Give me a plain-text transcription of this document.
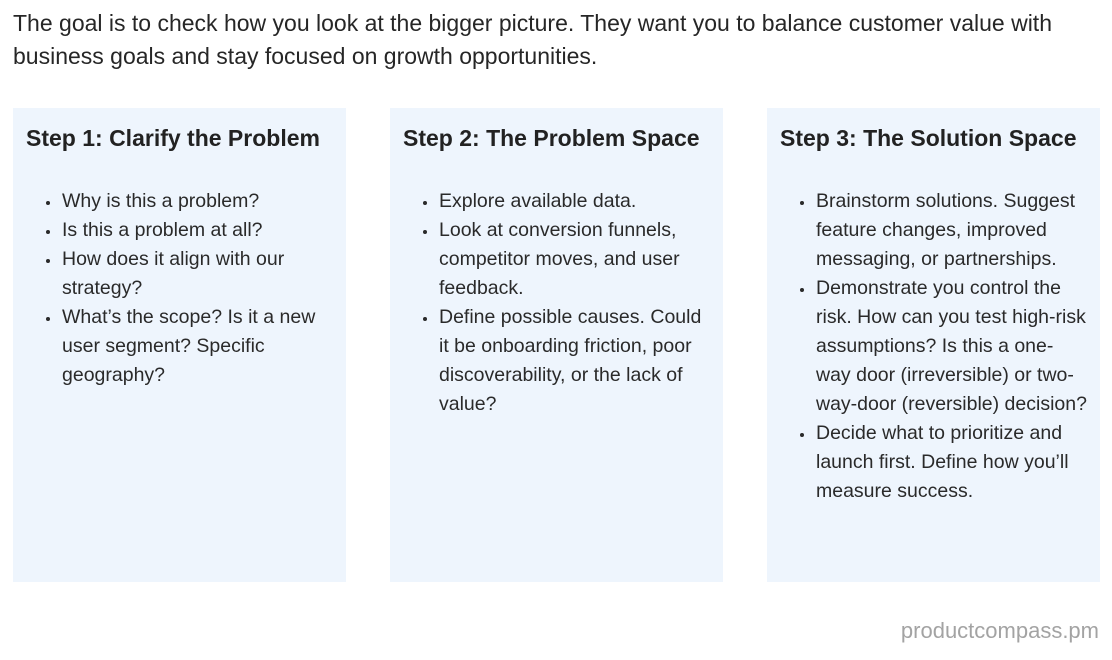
The goal is to check how you look at the bigger picture. They want you to balance customer value with business goals and stay focused on growth opportunities.

Step 1: Clarify the Problem
• Why is this a problem?
• Is this a problem at all?
• How does it align with our strategy?
• What’s the scope? Is it a new user segment? Specific geography?
Step 2: The Problem Space
• Explore available data.
• Look at conversion funnels, competitor moves, and user feedback.
• Define possible causes. Could it be onboarding friction, poor discoverability, or the lack of value?
Step 3: The Solution Space
• Brainstorm solutions. Suggest feature changes, improved messaging, or partnerships.
• Demonstrate you control the risk. How can you test high-risk assumptions? Is this a one-way door (irreversible) or two-way-door (reversible) decision?
• Decide what to prioritize and launch first. Define how you’ll measure success.

productcompass.pm
